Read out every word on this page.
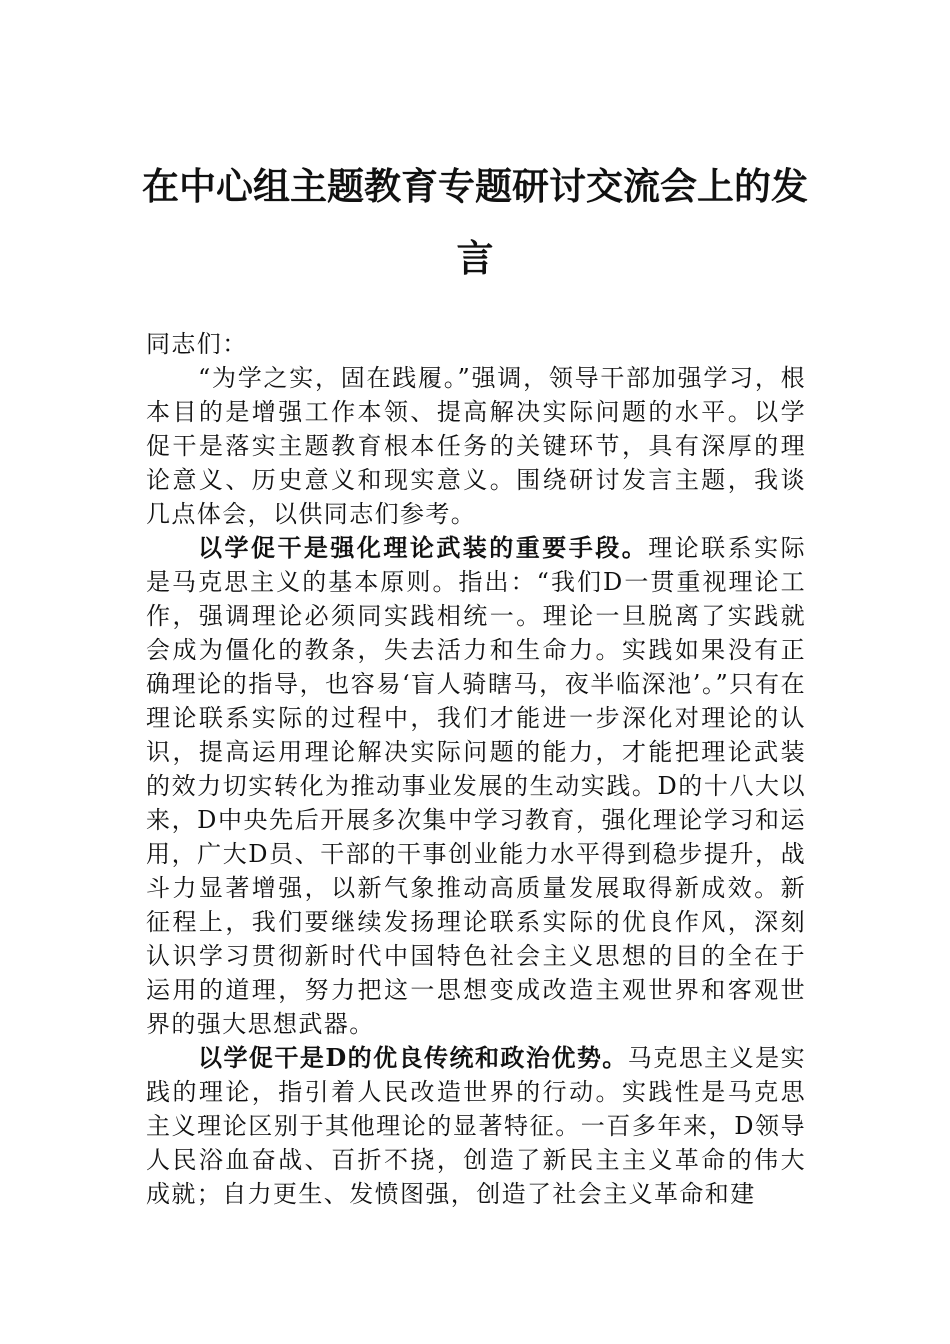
在中心组主题教育专题研讨交流会上的发
言

同志们：

“为学之实，固在践履。”强调，领导干部加强学习，根本目的是增强工作本领、提高解决实际问题的水平。以学促干是落实主题教育根本任务的关键环节，具有深厚的理论意义、历史意义和现实意义。围绕研讨发言主题，我谈几点体会，以供同志们参考。

以学促干是强化理论武装的重要手段。理论联系实际是马克思主义的基本原则。指出：“我们D一贯重视理论工作，强调理论必须同实践相统一。理论一旦脱离了实践就会成为僵化的教条，失去活力和生命力。实践如果没有正确理论的指导，也容易‘盲人骑瞎马，夜半临深池’。”只有在理论联系实际的过程中，我们才能进一步深化对理论的认识，提高运用理论解决实际问题的能力，才能把理论武装的效力切实转化为推动事业发展的生动实践。D的十八大以来，D中央先后开展多次集中学习教育，强化理论学习和运用，广大D员、干部的干事创业能力水平得到稳步提升，战斗力显著增强，以新气象推动高质量发展取得新成效。新征程上，我们要继续发扬理论联系实际的优良作风，深刻认识学习贯彻新时代中国特色社会主义思想的目的全在于运用的道理，努力把这一思想变成改造主观世界和客观世界的强大思想武器。

以学促干是D的优良传统和政治优势。马克思主义是实践的理论，指引着人民改造世界的行动。实践性是马克思主义理论区别于其他理论的显著特征。一百多年来，D领导人民浴血奋战、百折不挠，创造了新民主主义革命的伟大成就；自力更生、发愤图强，创造了社会主义革命和建
